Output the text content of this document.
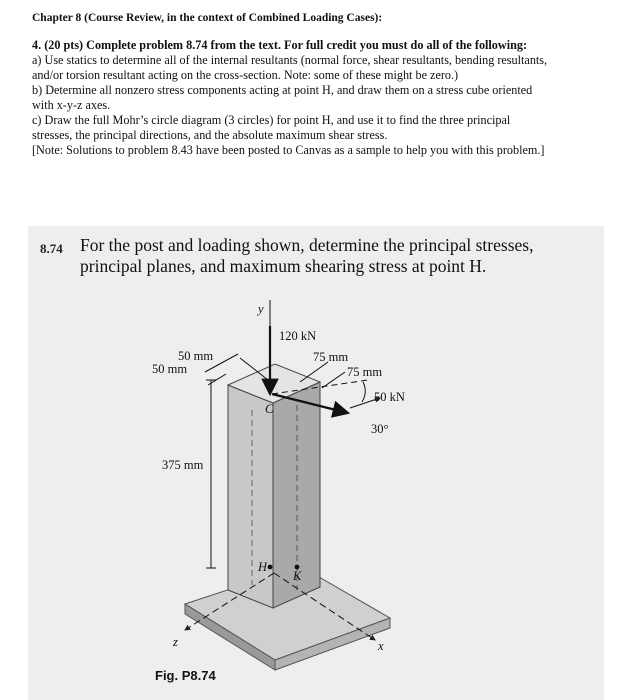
Chapter 8 (Course Review, in the context of Combined Loading Cases):

4. (20 pts) Complete problem 8.74 from the text. For full credit you must do all of the following:

a) Use statics to determine all of the internal resultants (normal force, shear resultants, bending resultants, and/or torsion resultant acting on the cross-section. Note: some of these might be zero.)

b) Determine all nonzero stress components acting at point H, and draw them on a stress cube oriented with x-y-z axes.

c) Draw the full Mohr’s circle diagram (3 circles) for point H, and use it to find the three principal stresses, the principal directions, and the absolute maximum shear stress.

[Note: Solutions to problem 8.43 have been posted to Canvas as a sample to help you with this problem.]

8.74 For the post and loading shown, determine the principal stresses, principal planes, and maximum shearing stress at point H.
y
x
z
120 kN
50 kN
30°
50 mm
50 mm
75 mm
75 mm
375 mm
C
H
K
Fig. P8.74
